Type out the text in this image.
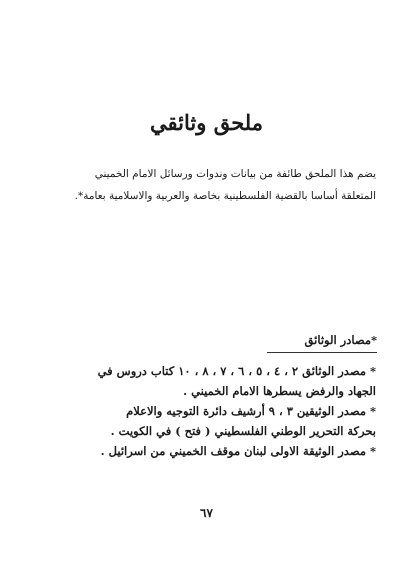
ملحق وثائقي

يضم هذا الملحق طائفة من بيانات وندوات ورسائل الامام الخميني

المتعلقة أساسا بالقضية الفلسطينية بخاصة والعربية والاسلامية بعامة*.

*مصادر الوثائق
* مصدر الوثائق ٢ ، ٤ ، ٥ ، ٦ ، ٧ ، ٨ ، ١٠ كتاب دروس في
الجهاد والرفض يسطرها الامام الخميني .
* مصدر الوثيقين ٣ ، ٩ أرشيف دائرة التوجيه والاعلام
بحركة التحرير الوطني الفلسطيني ( فتح ) في الكويت .
* مصدر الوثيقة الاولى لبنان موقف الخميني من اسرائيل .
٦٧
